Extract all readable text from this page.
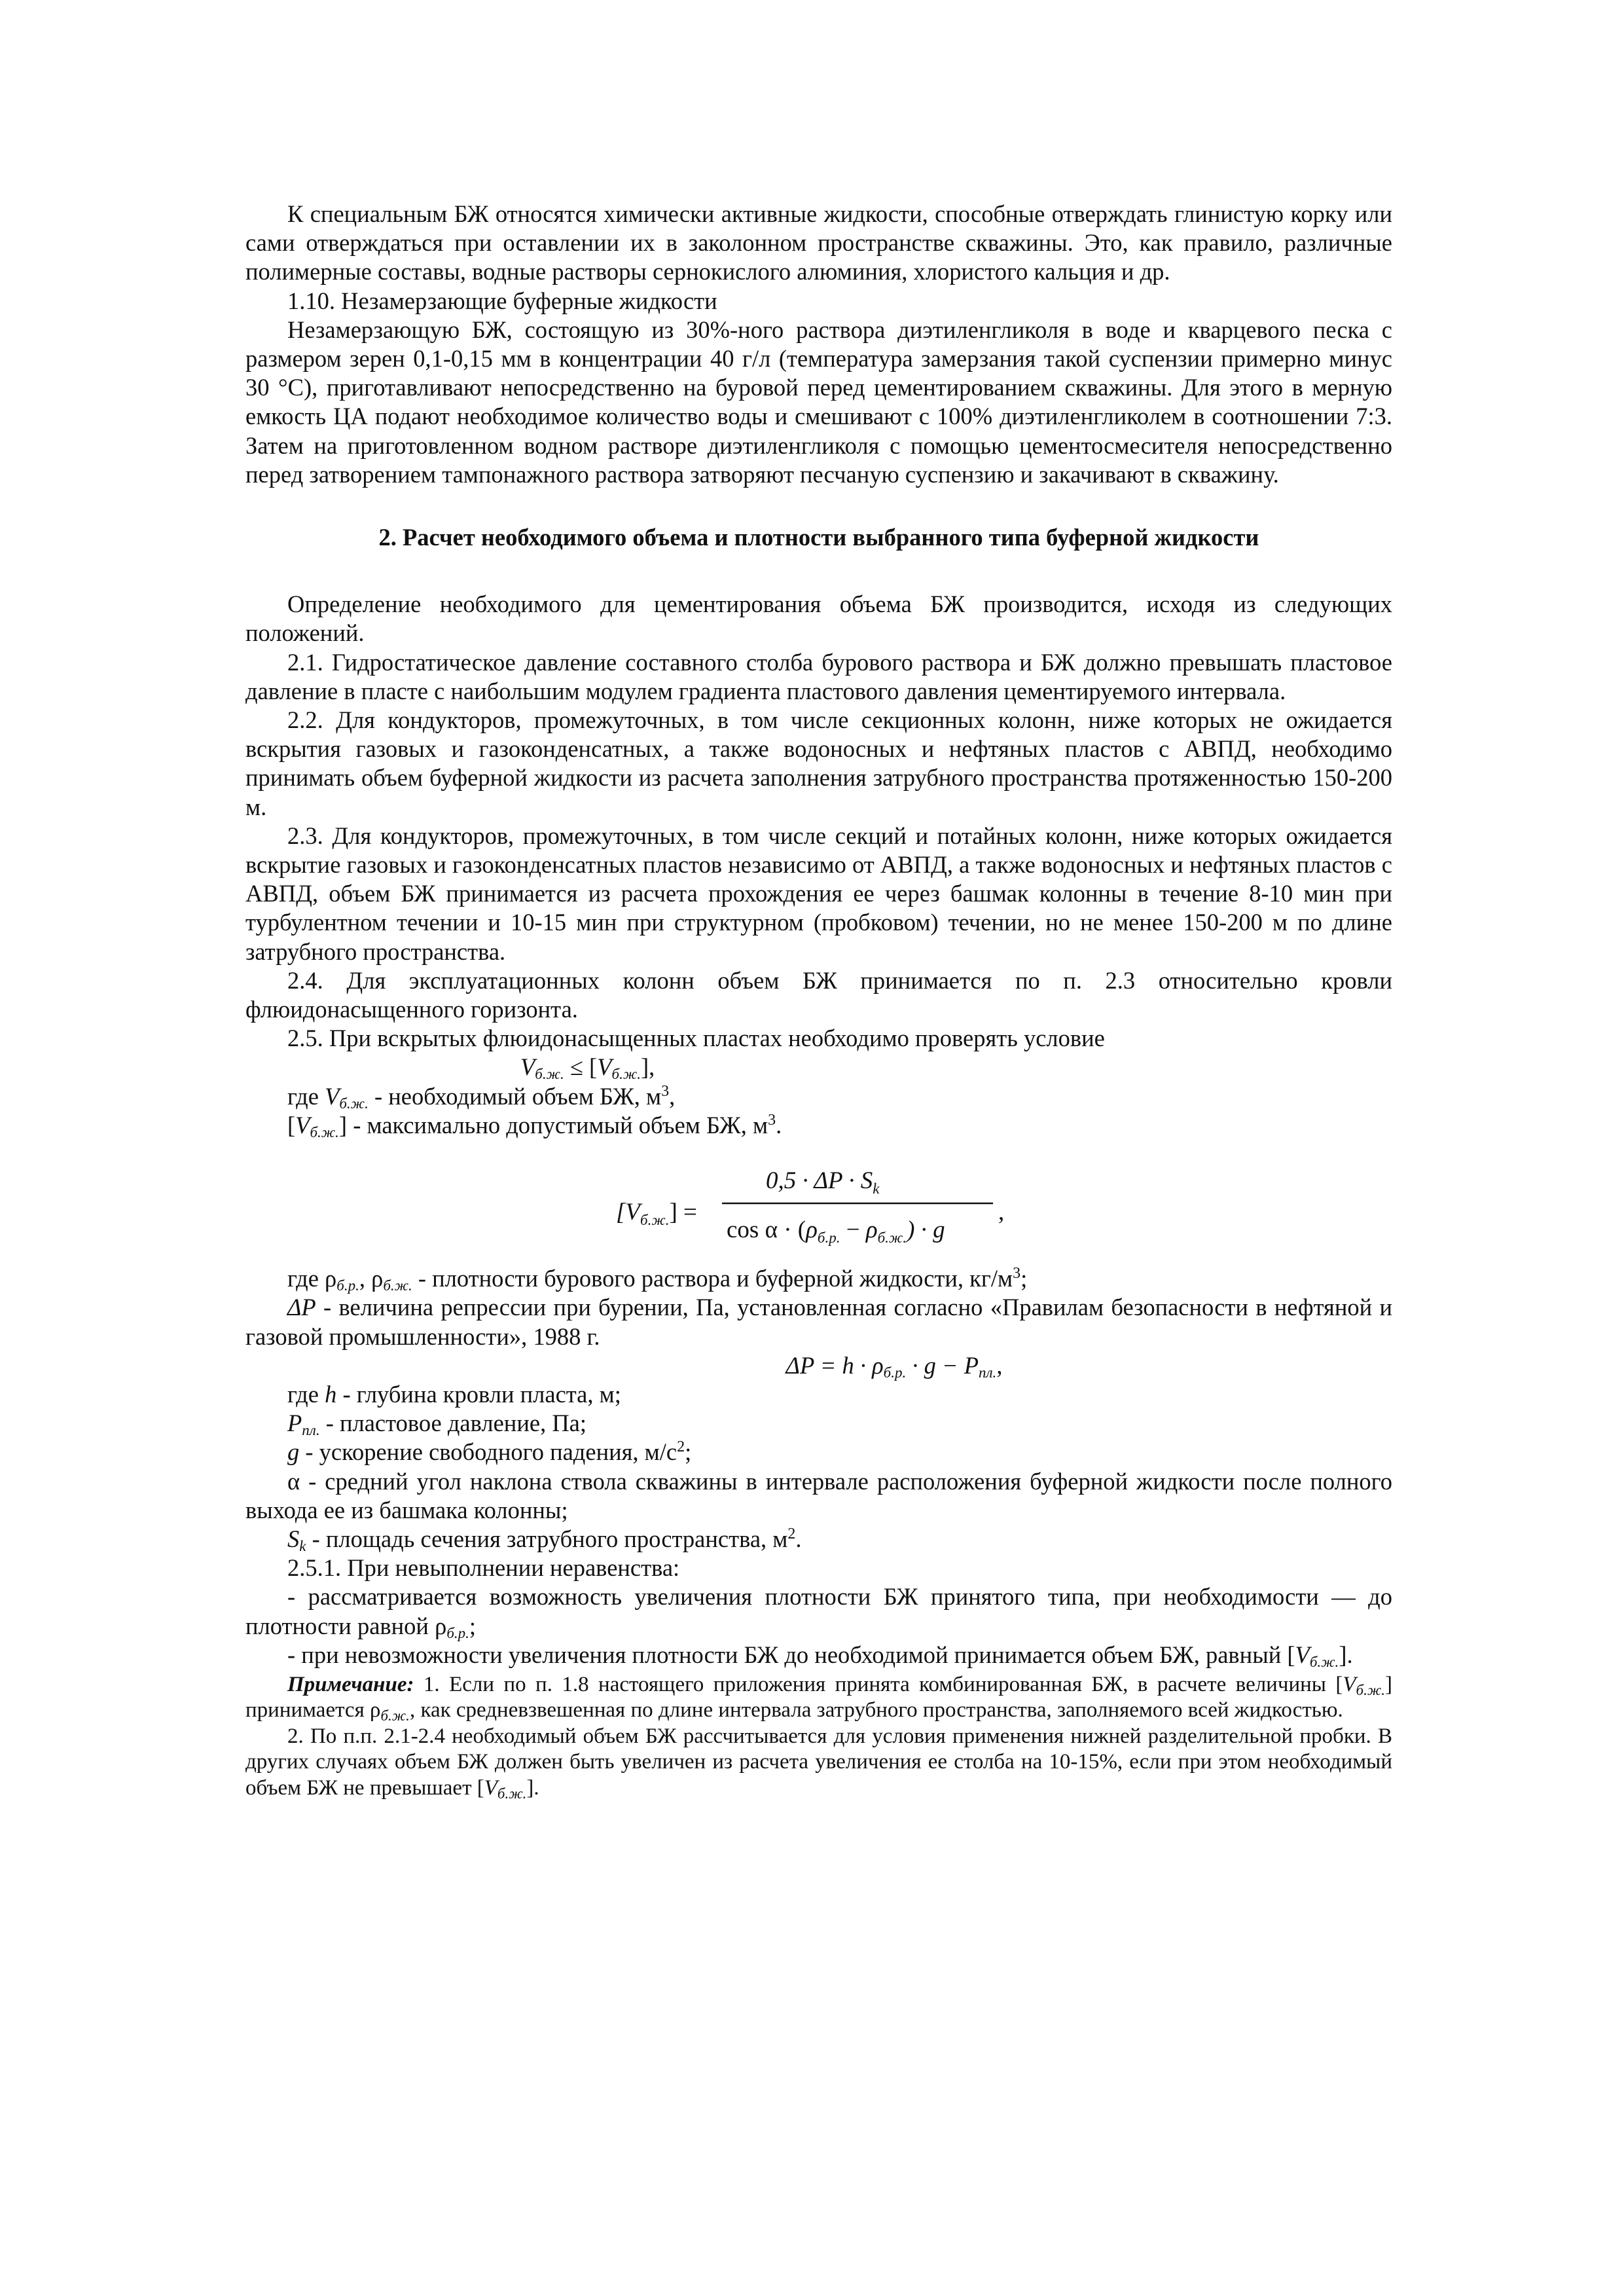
К специальным БЖ относятся химически активные жидкости, способные отверждать глинистую корку или сами отверждаться при оставлении их в заколонном пространстве скважины. Это, как правило, различные полимерные составы, водные растворы сернокислого алюминия, хлористого кальция и др.

1.10. Незамерзающие буферные жидкости

Незамерзающую БЖ, состоящую из 30%-ного раствора диэтиленгликоля в воде и кварцевого песка с размером зерен 0,1-0,15 мм в концентрации 40 г/л (температура замерзания такой суспензии примерно минус 30 °С), приготавливают непосредственно на буровой перед цементированием скважины. Для этого в мерную емкость ЦА подают необходимое количество воды и смешивают с 100% диэтиленгликолем в соотношении 7:3. Затем на приготовленном водном растворе диэтиленгликоля с помощью цементосмесителя непосредственно перед затворением тампонажного раствора затворяют песчаную суспензию и закачивают в скважину.

2. Расчет необходимого объема и плотности выбранного типа буферной жидкости

Определение необходимого для цементирования объема БЖ производится, исходя из следующих положений.

2.1. Гидростатическое давление составного столба бурового раствора и БЖ должно превышать пластовое давление в пласте с наибольшим модулем градиента пластового давления цементируемого интервала.

2.2. Для кондукторов, промежуточных, в том числе секционных колонн, ниже которых не ожидается вскрытия газовых и газоконденсатных, а также водоносных и нефтяных пластов с АВПД, необходимо принимать объем буферной жидкости из расчета заполнения затрубного пространства протяженностью 150-200 м.

2.3. Для кондукторов, промежуточных, в том числе секций и потайных колонн, ниже которых ожидается вскрытие газовых и газоконденсатных пластов независимо от АВПД, а также водоносных и нефтяных пластов с АВПД, объем БЖ принимается из расчета прохождения ее через башмак колонны в течение 8-10 мин при турбулентном течении и 10-15 мин при структурном (пробковом) течении, но не менее 150-200 м по длине затрубного пространства.

2.4. Для эксплуатационных колонн объем БЖ принимается по п. 2.3 относительно кровли флюидонасыщенного горизонта.

2.5. При вскрытых флюидонасыщенных пластах необходимо проверять условие

$V_{б.ж.} \le [V_{б.ж.}]$,

где $V_{б.ж.}$ - необходимый объем БЖ, $м^3$,

$[V_{б.ж.}]$ - максимально допустимый объем БЖ, $м^3$.

$[V_{б.ж.}]$ =
$0,5 \cdot \Delta P \cdot S_k$
$\cos \alpha \cdot (\rho_{б.р.} - \rho_{б.ж.}) \cdot g$
,

где $\rho_{б.р.}$, $\rho_{б.ж.}$ - плотности бурового раствора и буферной жидкости, $кг/м^3$;

ΔP - величина репрессии при бурении, Па, установленная согласно «Правилам безопасности в нефтяной и газовой промышленности», 1988 г.

$\Delta P = h \cdot \rho_{б.р.} \cdot g - P_{пл.}$,

где h - глубина кровли пласта, м;

$P_{пл.}$ - пластовое давление, Па;

g - ускорение свободного падения, $м/с^2$;

α - средний угол наклона ствола скважины в интервале расположения буферной жидкости после полного выхода ее из башмака колонны;

$S_k$ - площадь сечения затрубного пространства, $м^2$.

2.5.1. При невыполнении неравенства:

- рассматривается возможность увеличения плотности БЖ принятого типа, при необходимости — до плотности равной $\rho_{б.р.}$;

- при невозможности увеличения плотности БЖ до необходимой принимается объем БЖ, равный $[V_{б.ж.}]$.

Примечание: 1. Если по п. 1.8 настоящего приложения принята комбинированная БЖ, в расчете величины $[V_{б.ж.}]$ принимается $\rho_{б.ж.}$, как средневзвешенная по длине интервала затрубного пространства, заполняемого всей жидкостью.

2. По п.п. 2.1-2.4 необходимый объем БЖ рассчитывается для условия применения нижней разделительной пробки. В других случаях объем БЖ должен быть увеличен из расчета увеличения ее столба на 10-15%, если при этом необходимый объем БЖ не превышает $[V_{б.ж.}]$.
